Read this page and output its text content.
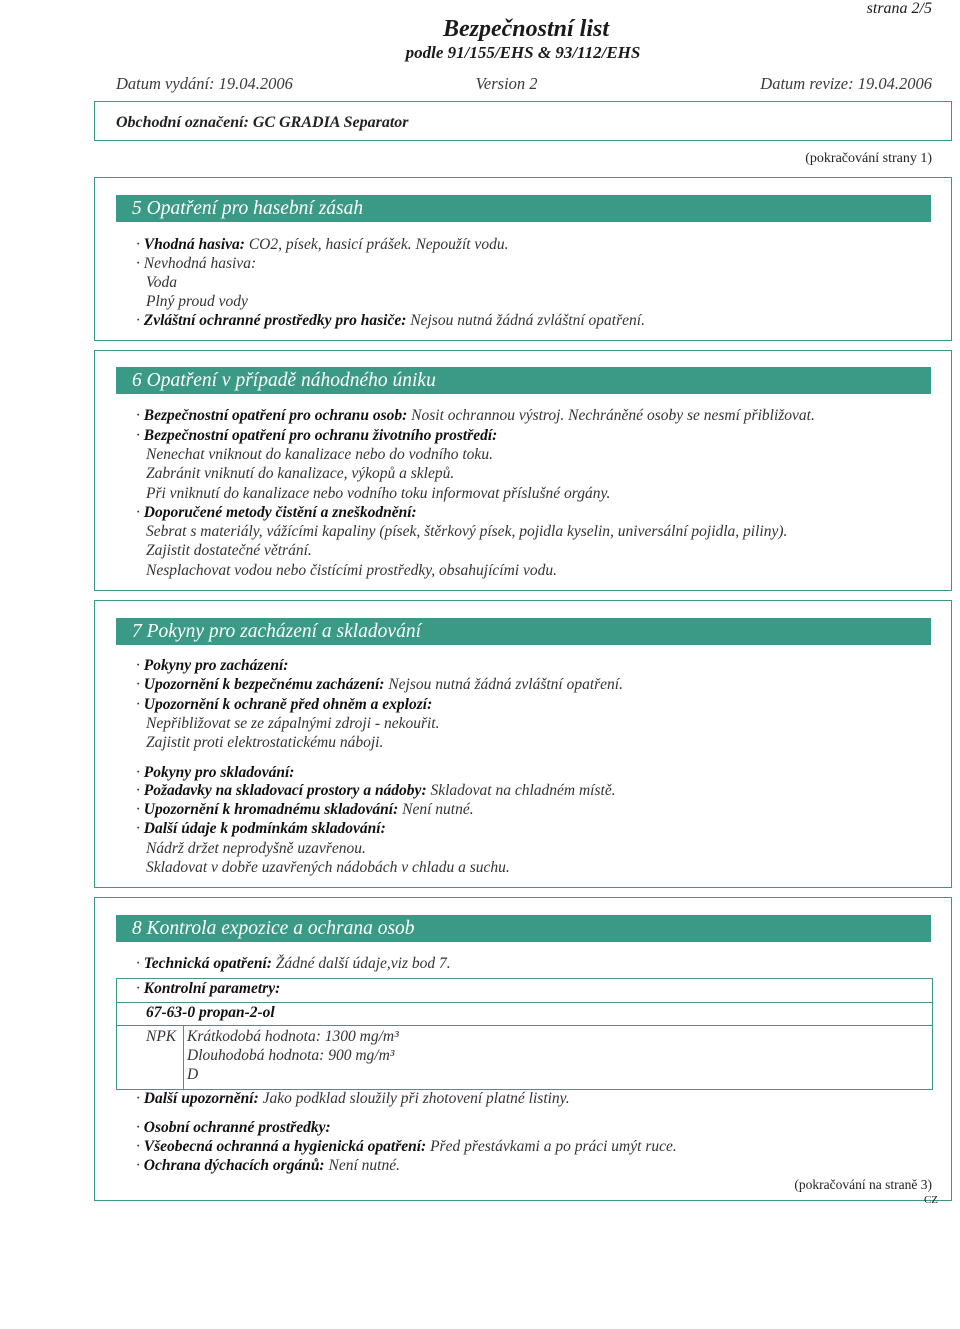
strana 2/5
Bezpečnostní list
podle 91/155/EHS & 93/112/EHS
Datum vydání: 19.04.2006	Version 2	Datum revize: 19.04.2006
Obchodní označení: GC GRADIA Separator
(pokračování strany 1)
5 Opatření pro hasební zásah
· Vhodná hasiva: CO2, písek, hasicí prášek. Nepoužít vodu.
· Nevhodná hasiva:
Voda
Plný proud vody
· Zvláštní ochranné prostředky pro hasiče: Nejsou nutná žádná zvláštní opatření.
6 Opatření v případě náhodného úniku
· Bezpečnostní opatření pro ochranu osob: Nosit ochrannou výstroj. Nechráněné osoby se nesmí přibližovat.
· Bezpečnostní opatření pro ochranu životního prostředí:
Nenechat vniknout do kanalizace nebo do vodního toku.
Zabránit vniknutí do kanalizace, výkopů a sklepů.
Při vniknutí do kanalizace nebo vodního toku informovat příslušné orgány.
· Doporučené metody čistění a zneškodnění:
Sebrat s materiály, vážícími kapaliny (písek, štěrkový písek, pojidla kyselin, universální pojidla, piliny).
Zajistit dostatečné větrání.
Nesplachovat vodou nebo čistícími prostředky, obsahujícími vodu.
7 Pokyny pro zacházení a skladování
· Pokyny pro zacházení:
· Upozornění k bezpečnému zacházení: Nejsou nutná žádná zvláštní opatření.
· Upozornění k ochraně před ohněm a explozí:
Nepřibližovat se ze zápalnými zdroji - nekouřit.
Zajistit proti elektrostatickému náboji.
· Pokyny pro skladování:
· Požadavky na skladovací prostory a nádoby: Skladovat na chladném místě.
· Upozornění k hromadnému skladování: Není nutné.
· Další údaje k podmínkám skladování:
Nádrž držet neprodyšně uzavřenou.
Skladovat v dobře uzavřených nádobách v chladu a suchu.
8 Kontrola expozice a ochrana osob
· Technická opatření: Žádné další údaje,viz bod 7.
· Kontrolní parametry:
67-63-0 propan-2-ol
NPK Krátkodobá hodnota: 1300 mg/m³
Dlouhodobá hodnota: 900 mg/m³
D
· Další upozornění: Jako podklad sloužily při zhotovení platné listiny.
· Osobní ochranné prostředky:
· Všeobecná ochranná a hygienická opatření: Před přestávkami a po práci umýt ruce.
· Ochrana dýchacích orgánů: Není nutné.
(pokračování na straně 3)
CZ
